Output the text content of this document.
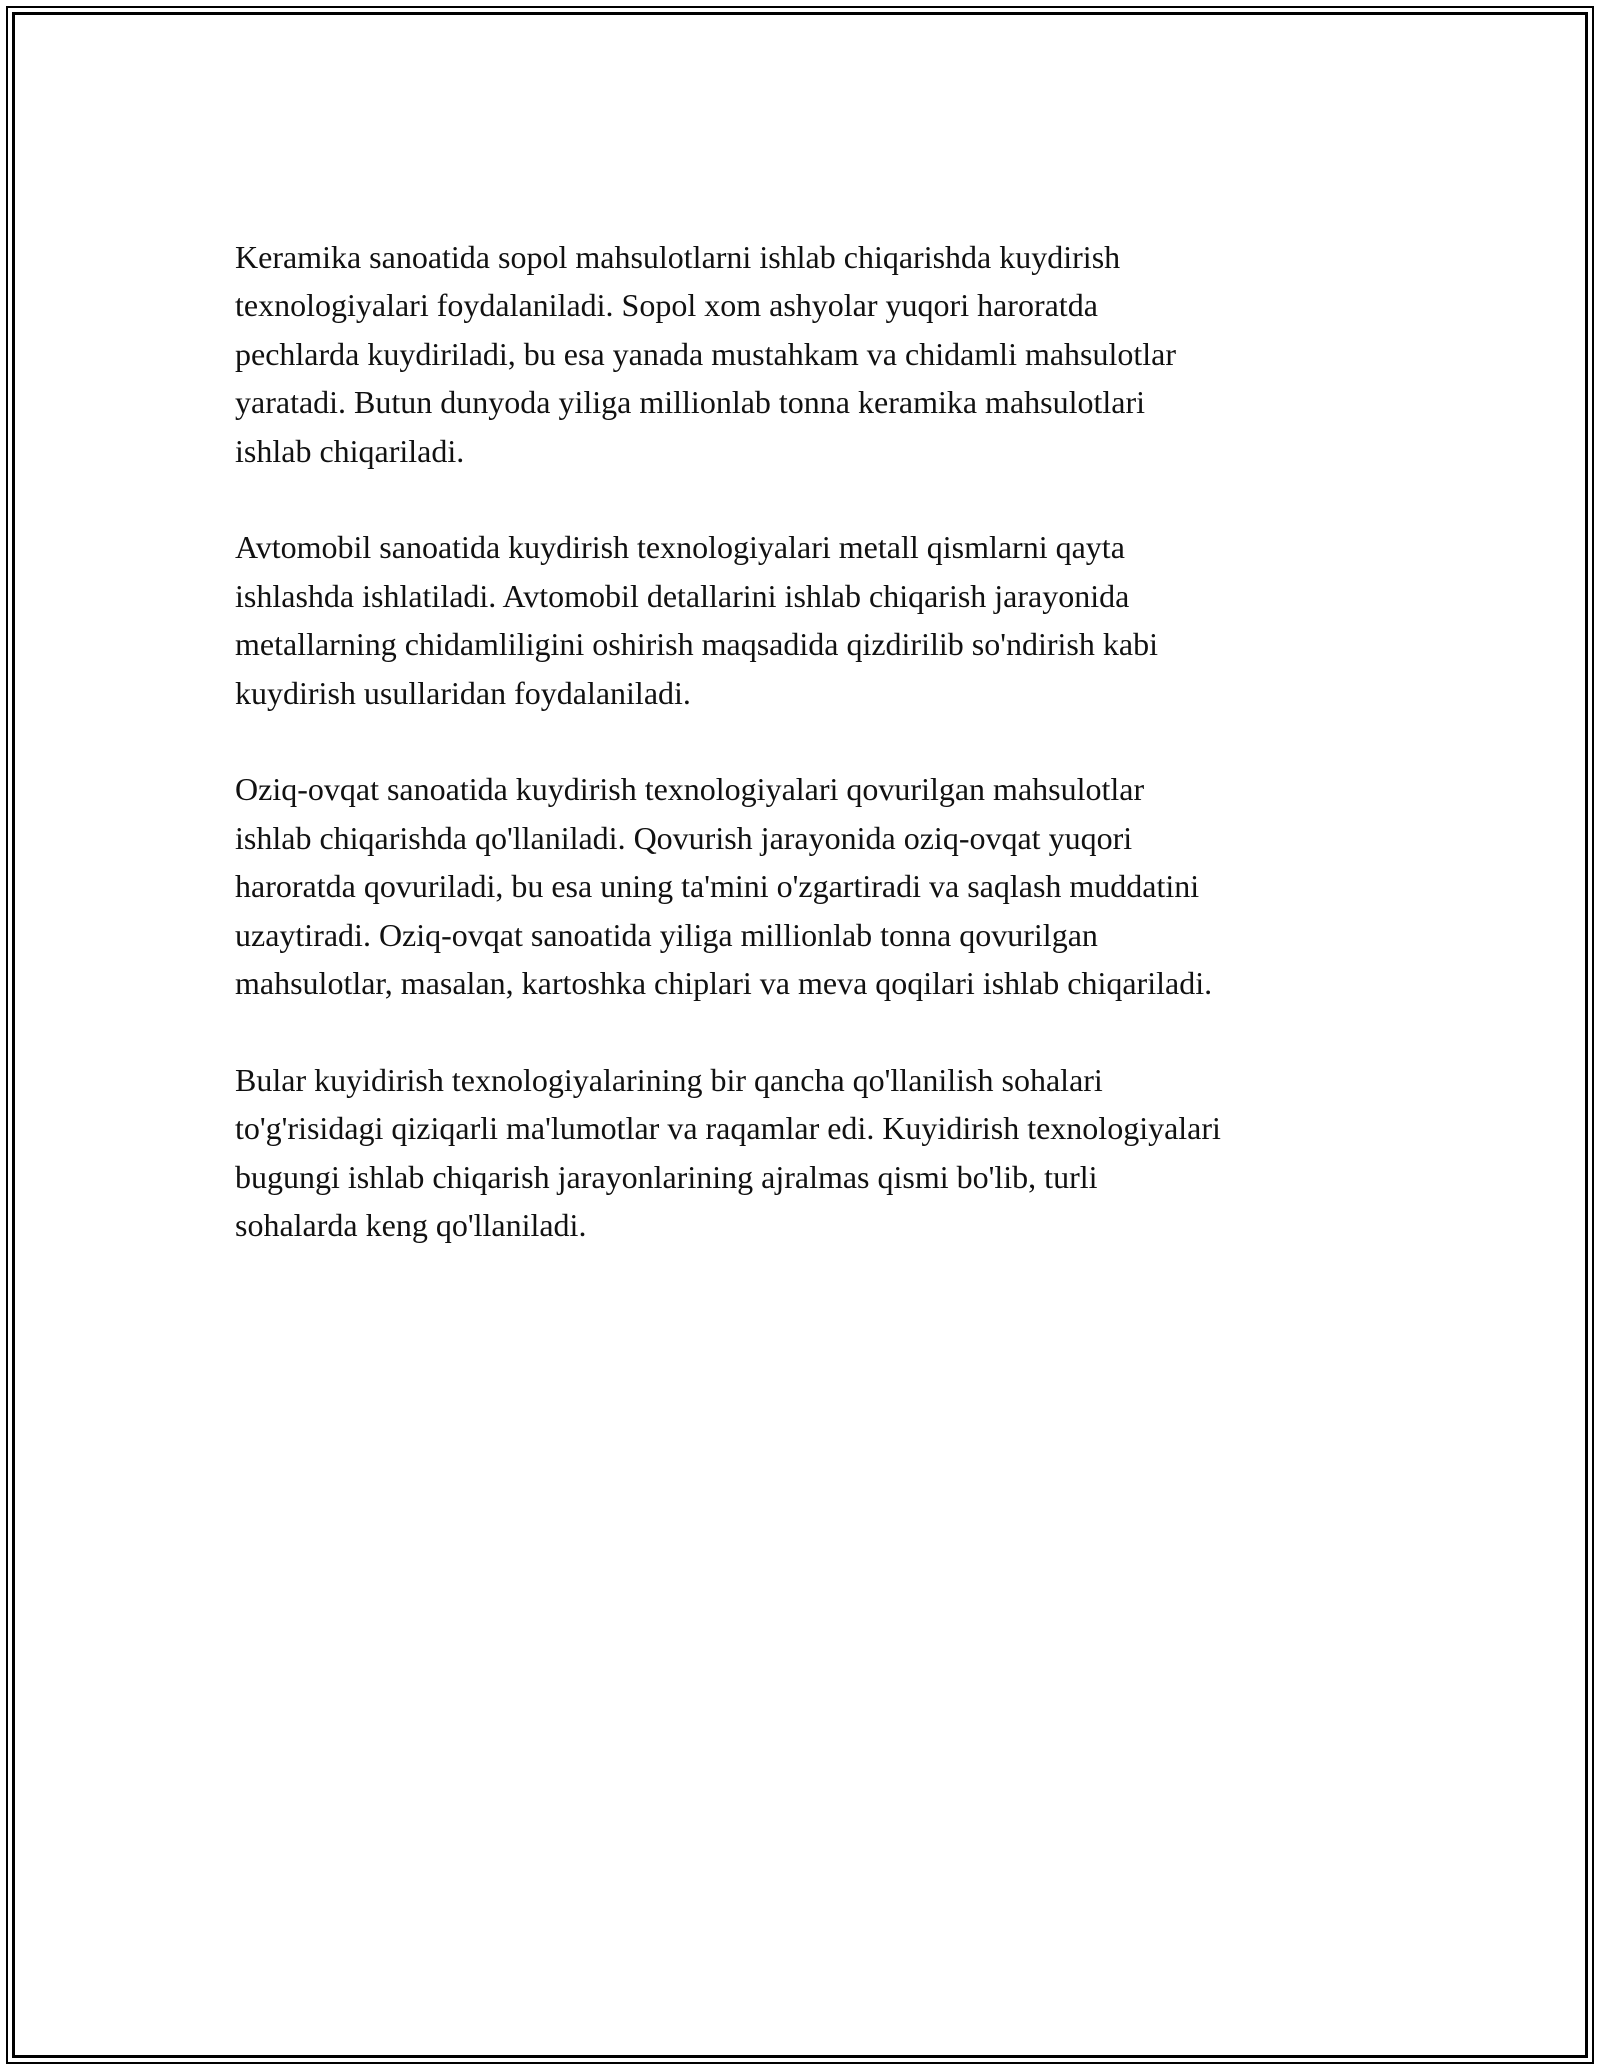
Keramika sanoatida sopol mahsulotlarni ishlab chiqarishda kuydirish
texnologiyalari foydalaniladi. Sopol xom ashyolar yuqori haroratda
pechlarda kuydiriladi, bu esa yanada mustahkam va chidamli mahsulotlar
yaratadi. Butun dunyoda yiliga millionlab tonna keramika mahsulotlari
ishlab chiqariladi.

Avtomobil sanoatida kuydirish texnologiyalari metall qismlarni qayta
ishlashda ishlatiladi. Avtomobil detallarini ishlab chiqarish jarayonida
metallarning chidamliligini oshirish maqsadida qizdirilib so'ndirish kabi
kuydirish usullaridan foydalaniladi.

Oziq-ovqat sanoatida kuydirish texnologiyalari qovurilgan mahsulotlar
ishlab chiqarishda qo'llaniladi. Qovurish jarayonida oziq-ovqat yuqori
haroratda qovuriladi, bu esa uning ta'mini o'zgartiradi va saqlash muddatini
uzaytiradi. Oziq-ovqat sanoatida yiliga millionlab tonna qovurilgan
mahsulotlar, masalan, kartoshka chiplari va meva qoqilari ishlab chiqariladi.

Bular kuyidirish texnologiyalarining bir qancha qo'llanilish sohalari
to'g'risidagi qiziqarli ma'lumotlar va raqamlar edi. Kuyidirish texnologiyalari
bugungi ishlab chiqarish jarayonlarining ajralmas qismi bo'lib, turli
sohalarda keng qo'llaniladi.
